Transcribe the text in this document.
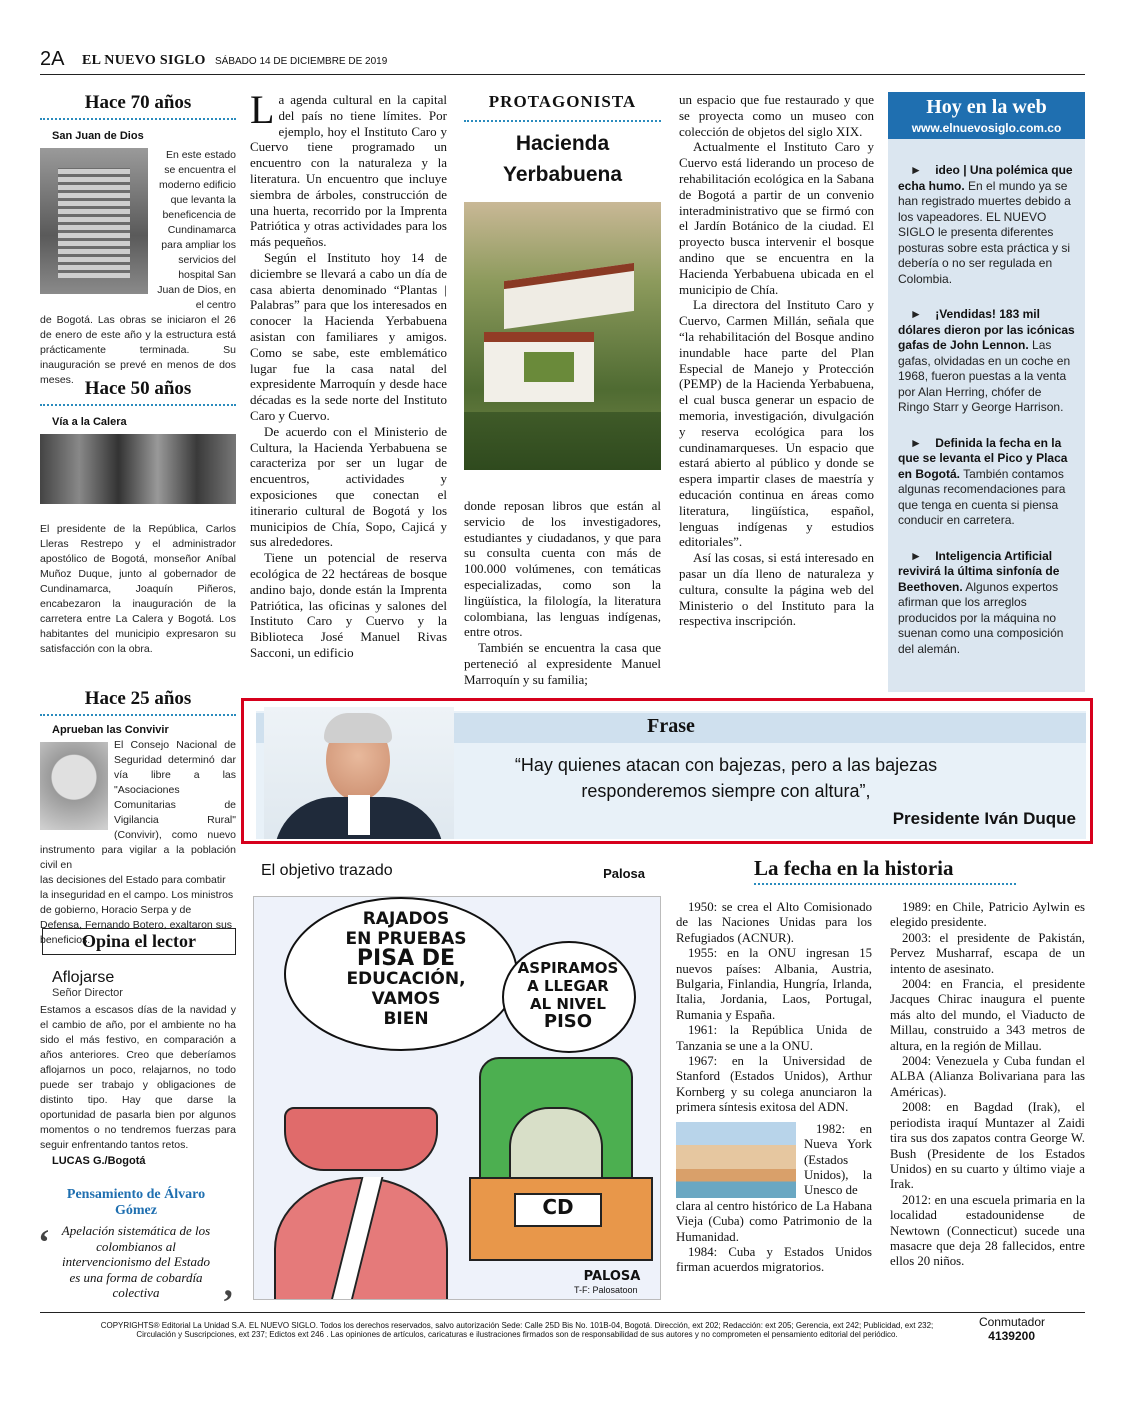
2A EL NUEVO SIGLO SÁBADO 14 DE DICIEMBRE DE 2019
Hace 70 años
San Juan de Dios
En este estado se encuentra el moderno edificio que levanta la beneficencia de Cundinamarca para ampliar los servicios del hospital San Juan de Dios, en el centro
de Bogotá. Las obras se iniciaron el 26 de enero de este año y la estructura está prácticamente terminada. Su inauguración se prevé en menos de dos meses. Hace 50 años
Vía a la Calera
El presidente de la República, Carlos Lleras Restrepo y el administrador apostólico de Bogotá, monseñor Aníbal Muñoz Duque, junto al gobernador de Cundinamarca, Joaquín Piñeros, encabezaron la inauguración de la carretera entre La Calera y Bogotá. Los habitantes del municipio expresaron su satisfacción con la obra.
Hace 25 años
Aprueban las Convivir
El Consejo Nacional de Seguridad determinó dar vía libre a las "Asociaciones Comunitarias de Vigilancia Rural" (Convivir), como nuevo instrumento para vigilar a la población civil en
las decisiones del Estado para combatir la inseguridad en el campo. Los ministros de gobierno, Horacio Serpa y de Defensa, Fernando Botero, exaltaron sus beneficios.
Opina el lector
Aflojarse
Señor Director
Estamos a escasos días de la navidad y el cambio de año, por el ambiente no ha sido el más festivo, en comparación a años anteriores. Creo que deberíamos aflojarnos un poco, relajarnos, no todo puede ser trabajo y obligaciones de distinto tipo. Hay que darse la oportunidad de pasarla bien por algunos momentos o no tendremos fuerzas para seguir enfrentando tantos retos.
LUCAS G./Bogotá
Pensamiento de Álvaro Gómez
‘ Apelación sistemática de los colombianos al intervencionismo del Estado es una forma de cobardía colectiva	’

La agenda cultural en la capital del país no tiene límites. Por ejemplo, hoy el Instituto Caro y Cuervo tiene programado un encuentro con la naturaleza y la literatura. Un encuentro que incluye siembra de árboles, construcción de una huerta, recorrido por la Imprenta Patriótica y otras actividades para los más pequeños.

Según el Instituto hoy 14 de diciembre se llevará a cabo un día de casa abierta denominado “Plantas | Palabras” para que los interesados en conocer la Hacienda Yerbabuena asistan con familiares y amigos. Como se sabe, este emblemático lugar fue la casa natal del expresidente Marroquín y desde hace décadas es la sede norte del Instituto Caro y Cuervo.

De acuerdo con el Ministerio de Cultura, la Hacienda Yerbabuena se caracteriza por ser un lugar de encuentros, actividades y exposiciones que conectan el itinerario cultural de Bogotá y los municipios de Chía, Sopo, Cajicá y sus alrededores.

Tiene un potencial de reserva ecológica de 22 hectáreas de bosque andino bajo, donde están la Imprenta Patriótica, las oficinas y salones del Instituto Caro y Cuervo y la Biblioteca José Manuel Rivas Sacconi, un edificio

PROTAGONISTA
Hacienda Yerbabuena

donde reposan libros que están al servicio de los investigadores, estudiantes y ciudadanos, y que para su consulta cuenta con más de 100.000 volúmenes, con temáticas especializadas, como son la lingüística, la filología, la literatura colombiana, las lenguas indígenas, entre otros.

También se encuentra la casa que perteneció al expresidente Manuel Marroquín y su familia;

un espacio que fue restaurado y que se proyecta como un museo con colección de objetos del siglo XIX.

Actualmente el Instituto Caro y Cuervo está liderando un proceso de rehabilitación ecológica en la Sabana de Bogotá a partir de un convenio interadministrativo que se firmó con el Jardín Botánico de la ciudad. El proyecto busca intervenir el bosque andino que se encuentra en la Hacienda Yerbabuena ubicada en el municipio de Chía.

La directora del Instituto Caro y Cuervo, Carmen Millán, señala que “la rehabilitación del Bosque andino inundable hace parte del Plan Especial de Manejo y Protección (PEMP) de la Hacienda Yerbabuena, el cual busca generar un espacio de memoria, investigación, divulgación y reserva ecológica para los cundinamarqueses. Un espacio que estará abierto al público y donde se espera impartir clases de maestría y educación continua en áreas como literatura, lingüística, español, lenguas indígenas y estudios editoriales”.

Así las cosas, si está interesado en pasar un día lleno de naturaleza y cultura, consulte la página web del Ministerio o del Instituto para la respectiva inscripción.

Hoy en la web
www.elnuevosiglo.com.co
►    ideo | Una polémica que echa humo. En el mundo ya se han registrado muertes debido a los vapeadores. EL NUEVO SIGLO le presenta diferentes posturas sobre esta práctica y si debería o no ser regulada en Colombia.
►    ¡Vendidas! 183 mil dólares dieron por las icónicas gafas de John Lennon. Las gafas, olvidadas en un coche en 1968, fueron puestas a la venta por Alan Herring, chófer de Ringo Starr y George Harrison.
►    Definida la fecha en la que se levanta el Pico y Placa en Bogotá. También contamos algunas recomendaciones para que tenga en cuenta si piensa conducir en carretera.
►    Inteligencia Artificial revivirá la última sinfonía de Beethoven. Algunos expertos afirman que los arreglos producidos por la máquina no suenan como una composición del alemán.
Frase
“Hay quienes atacan con bajezas, pero a las bajezas
responderemos siempre con altura”,
Presidente Iván Duque
El objetivo trazado	Palosa
RAJADOS
EN PRUEBAS
PISA DE
EDUCACIÓN,
VAMOS
BIEN
ASPIRAMOS
A LLEGAR
AL NIVEL
PISO
CD
PALOSA
T-F: Palosatoon
La fecha en la historia

1950: se crea el Alto Comisionado de las Naciones Unidas para los Refugiados (ACNUR).

1955: en la ONU ingresan 15 nuevos países: Albania, Austria, Bulgaria, Finlandia, Hungría, Irlanda, Italia, Jordania, Laos, Portugal, Rumania y España.

1961: la República Unida de Tanzania se une a la ONU.

1967: en la Universidad de Stanford (Estados Unidos), Arthur Kornberg y su colega anunciaron la primera síntesis exitosa del ADN.

1982: en Nueva York (Estados Unidos), la Unesco de

clara al centro histórico de La Habana Vieja (Cuba) como Patrimonio de la Humanidad.

1984: Cuba y Estados Unidos firman acuerdos migratorios.

1989: en Chile, Patricio Aylwin es elegido presidente.

2003: el presidente de Pakistán, Pervez Musharraf, escapa de un intento de asesinato.

2004: en Francia, el presidente Jacques Chirac inaugura el puente más alto del mundo, el Viaducto de Millau, construido a 343 metros de altura, en la región de Millau.

2004: Venezuela y Cuba fundan el ALBA (Alianza Bolivariana para las Américas).

2008: en Bagdad (Irak), el periodista iraquí Muntazer al Zaidi tira sus dos zapatos contra George W. Bush (Presidente de los Estados Unidos) en su cuarto y último viaje a Irak.

2012: en una escuela primaria en la localidad estadounidense de Newtown (Connecticut) sucede una masacre que deja 28 fallecidos, entre ellos 20 niños.

COPYRIGHTS® Editorial La Unidad S.A. EL NUEVO SIGLO. Todos los derechos reservados, salvo autorización Sede: Calle 25D Bis No. 101B-04, Bogotá. Dirección, ext 202; Redacción: ext 205; Gerencia, ext 242; Publicidad, ext 232;
Circulación y Suscripciones, ext 237; Edictos ext 246 . Las opiniones de artículos, caricaturas e ilustraciones firmados son de responsabilidad de sus autores y no comprometen el pensamiento editorial del periódico.
Conmutador
4139200
